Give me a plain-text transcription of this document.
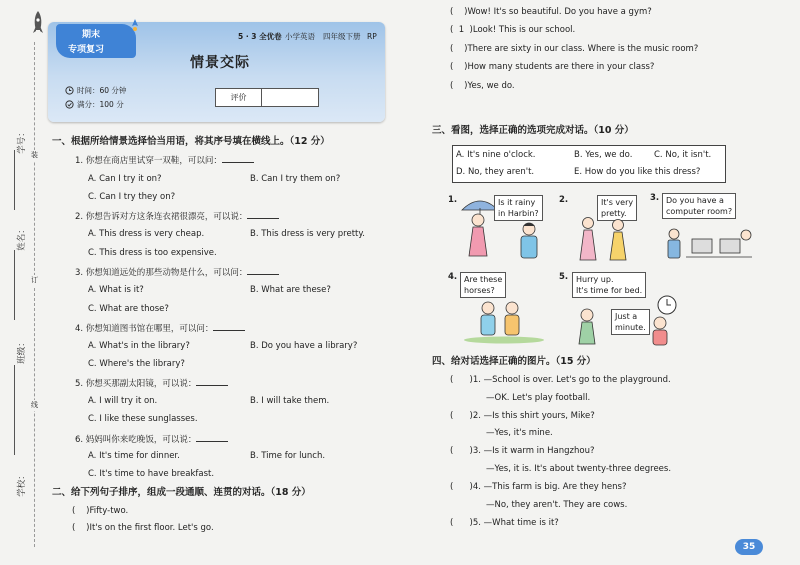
学号：
姓名：
班级：
学校：
装
订
线
期末
专项复习
5 · 3 全优卷 小学英语 四年级下册 RP
情景交际
时间：60 分钟
满分：100 分
评价
一、根据所给情景选择恰当用语，将其序号填在横线上。（12 分）
1. 你想在商店里试穿一双鞋，可以问：
A. Can I try it on?	B. Can I try them on?
C. Can I try they on?
2. 你想告诉对方这条连衣裙很漂亮，可以说：
A. This dress is very cheap.	B. This dress is very pretty.
C. This dress is too expensive.
3. 你想知道远处的那些动物是什么，可以问：
A. What is it?	B. What are these?
C. What are those?
4. 你想知道图书馆在哪里，可以问：
A. What's in the library?	B. Do you have a library?
C. Where's the library?
5. 你想买那副太阳镜，可以说：
A. I will try it on.	B. I will take them.
C. I like these sunglasses.
6. 妈妈叫你来吃晚饭，可以说：
A. It's time for dinner.	B. Time for lunch.
C. It's time to have breakfast.
二、给下列句子排序，组成一段通顺、连贯的对话。（18 分）
(    )Fifty-two.
(    )It's on the first floor. Let's go.
(    )Wow! It's so beautiful. Do you have a gym?
(  1  )Look! This is our school.
(    )There are sixty in our class. Where is the music room?
(    )How many students are there in your class?
(    )Yes, we do.
三、看图，选择正确的选项完成对话。（10 分）
A. It's nine o'clock.	B. Yes, we do.	C. No, it isn't.
D. No, they aren't.	E. How do you like this dress?
1.	Is it rainy
in Harbin?
2.	It's very
pretty.
3. Do you have a
computer room?
4. Are these
horses?
5. Hurry up.
It's time for bed.
Just a
minute.
四、给对话选择正确的图片。（15 分）
(      )1. —School is over. Let's go to the playground.
—OK. Let's play football.
(      )2. —Is this shirt yours, Mike?
—Yes, it's mine.
(      )3. —Is it warm in Hangzhou?
—Yes, it is. It's about twenty-three degrees.
(      )4. —This farm is big. Are they hens?
—No, they aren't. They are cows.
(      )5. —What time is it?
35
